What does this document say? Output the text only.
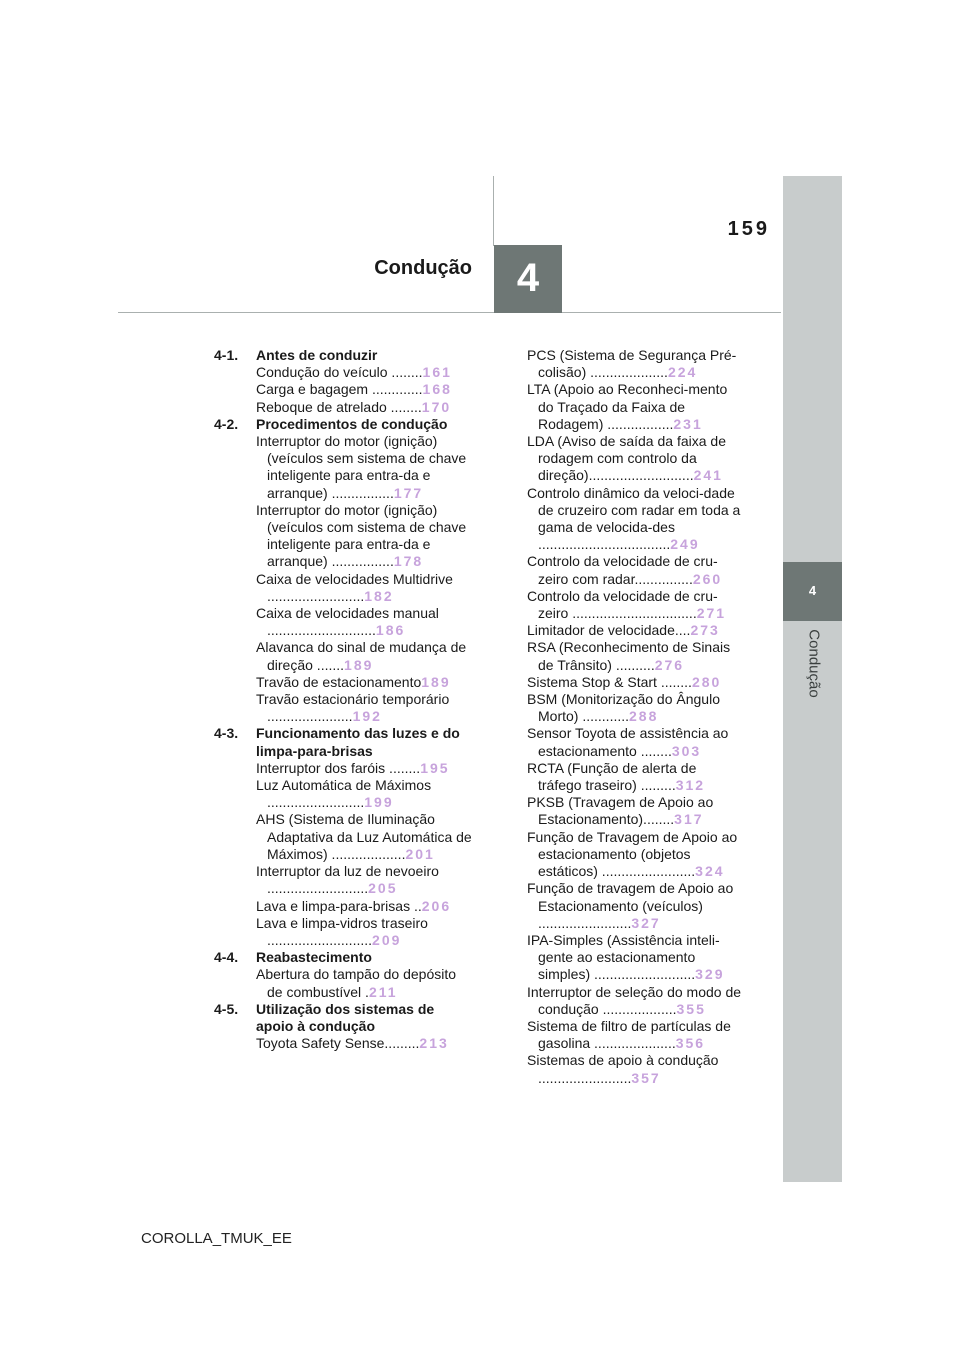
4
Condução
4
Condução
159
4-1.	Antes de conduzir
Condução do veículo ........161
Carga e bagagem .............168
Reboque de atrelado ........170
4-2.	Procedimentos de condução
Interruptor do motor (ignição) (veículos sem sistema de chave inteligente para entra-da e arranque) ................177
Interruptor do motor (ignição) (veículos com sistema de chave inteligente para entra-da e arranque) ................178
Caixa de velocidades Multidrive .........................182
Caixa de velocidades manual ............................186
Alavanca do sinal de mudança de direção .......189
Travão de estacionamento189
Travão estacionário temporário ......................192
4-3.	Funcionamento das luzes e do limpa-para-brisas
Interruptor dos faróis ........195
Luz Automática de Máximos .........................199
AHS (Sistema de Iluminação Adaptativa da Luz Automática de Máximos) ...................201
Interruptor da luz de nevoeiro ..........................205
Lava e limpa-para-brisas ..206
Lava e limpa-vidros traseiro ...........................209
4-4.	Reabastecimento
Abertura do tampão do depósito de combustível .211
4-5.	Utilização dos sistemas de apoio à condução
Toyota Safety Sense.........213
PCS (Sistema de Segurança Pré-colisão) ....................224
LTA (Apoio ao Reconheci-mento do Traçado da Faixa de Rodagem) .................231
LDA (Aviso de saída da faixa de rodagem com controlo da direção)...........................241
Controlo dinâmico da veloci-dade de cruzeiro com radar em toda a gama de velocida-des ..................................249
Controlo da velocidade de cru-zeiro com radar...............260
Controlo da velocidade de cru-zeiro ................................271
Limitador de velocidade....273
RSA (Reconhecimento de Sinais de Trânsito) ..........276
Sistema Stop & Start ........280
BSM (Monitorização do Ângulo Morto) ............288
Sensor Toyota de assistência ao estacionamento ........303
RCTA (Função de alerta de tráfego traseiro) .........312
PKSB (Travagem de Apoio ao Estacionamento)........317
Função de Travagem de Apoio ao estacionamento (objetos estáticos) ........................324
Função de travagem de Apoio ao Estacionamento (veículos) ........................327
IPA-Simples (Assistência inteli-gente ao estacionamento simples) ..........................329
Interruptor de seleção do modo de condução ...................355
Sistema de filtro de partículas de gasolina .....................356
Sistemas de apoio à condução ........................357
COROLLA_TMUK_EE
